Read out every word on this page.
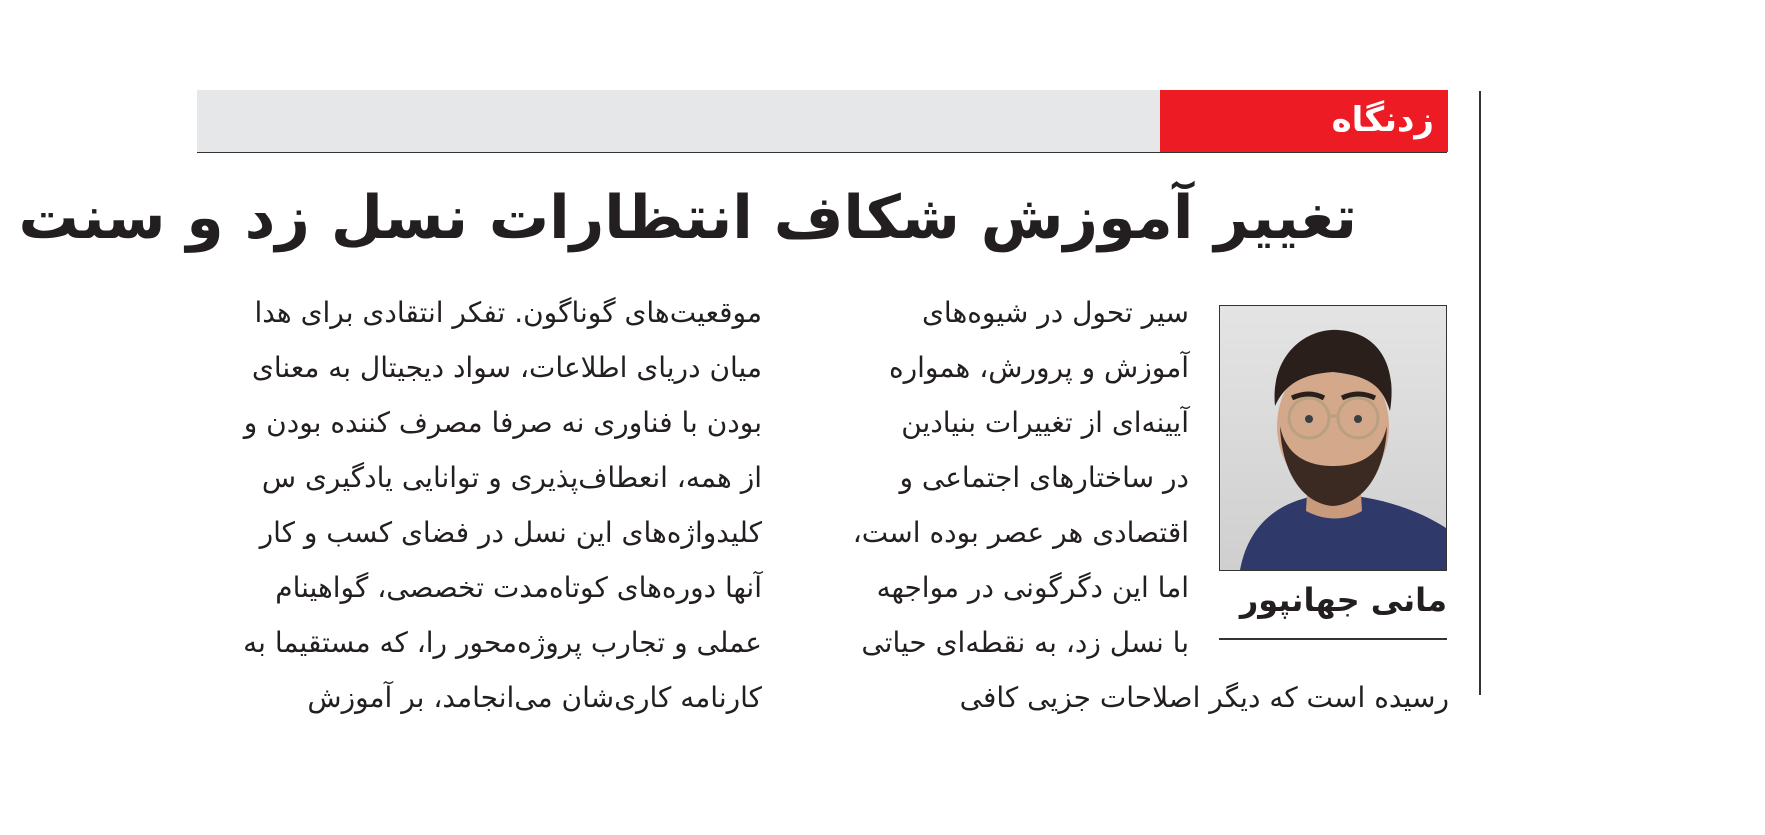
زدنگاه
تغییر آموزش شکاف انتظارات نسل زد و سنت
مانی جهانپور
سیر تحول در شیوه‌های
آموزش و پرورش، همواره
آیینه‌ای از تغییرات بنیادین
در ساختارهای اجتماعی و
اقتصادی هر عصر بوده است،
اما این دگرگونی در مواجهه
با نسل زد، به نقطه‌ای حیاتی
رسیده است که دیگر اصلاحات جزیی کافی
موقعیت‌های گوناگون. تفکر انتقادی برای هدا
میان دریای اطلاعات، سواد دیجیتال به معنای
بودن با فناوری نه صرفا مصرف کننده بودن و
از همه، انعطاف‌پذیری و توانایی یادگیری س
کلیدواژه‌های این نسل در فضای کسب و کار
آنها دوره‌های کوتاه‌مدت تخصصی، گواهینام
عملی و تجارب پروژه‌محور را، که مستقیما به
کارنامه کاری‌شان می‌انجامد، بر آموزش
